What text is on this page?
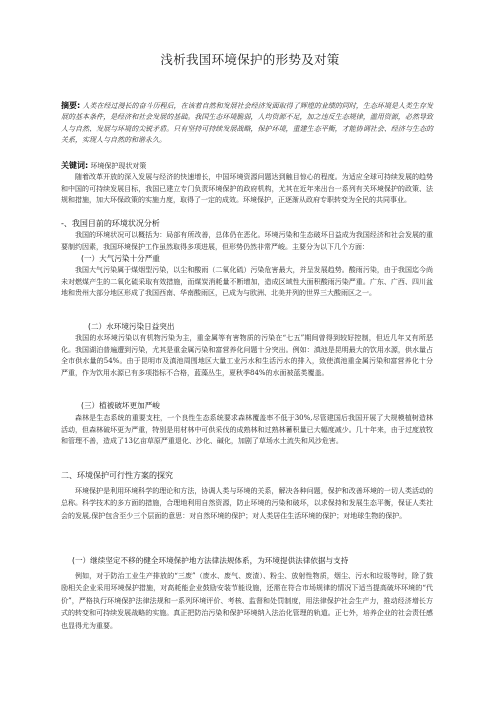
浅析我国环境保护的形势及对策
摘要: 人类在经过漫长的奋斗历程后，在该着自然和发展社会经济发面取得了辉煌的业绩的同时，生态环境是人类生存发展的基本条件，是经济和社会发展的基础。我国生态环境脆弱，人均资源不足，加之违反生态规律，滥用资源，必然导致人与自然、发展与环境的尖锐矛盾。只有坚持可持续发展战略，保护环境，重建生态平衡，才能协调社会、经济与生态的关系，实现人与自然的和谐永久。
关键词: 环境保护现状对策
随着改革开放的深入发展与经济的快速增长，中国环境资源问题达到触目惊心的程度。为适应全球可持续发展的趋势和中国的可持续发展目标，我国已建立专门负责环境保护的政府机构，尤其在近年来出台一系列有关环境保护的政策、法规和措施，加大环保政策的实施力度，取得了一定的成效。环境保护，正逐渐从政府专职转变为全民的共同事业。
-、我国目前的环境状况分析
我国的环境状况可以概括为：局部有所改善，总体仍在恶化。环境污染和生态破坏日益成为我国经济和社会发展的重要制约因素，我国环境保护工作虽然取得多项进展，但形势仍然非常严峻。主要分为以下几个方面：
(一）大气污染十分严重
我国大气污染属于煤烟型污染，以尘和酸雨（二氧化硫）污染危害最大，并呈发展趋势。酸雨污染，由于我国迄今尚未对燃煤产生的二氧化硫采取有效措施，而煤炭消耗量不断增加，造成区域性大面积酸雨污染严重。广东、广西、四川盆地和贵州大部分地区形成了我国西南、华南酸雨区，已成为与欧洲、北美并列的世界三大酸雨区之一。
(二）水环境污染日益突出
我国的水环境污染以有机物污染为主，重金属等有害物质的污染在“七五”期间曾得到较好控制，但近几年又有所恶化。我国湖泊普遍遭到污染，尤其是重金属污染和富营养化问题十分突出。例如：滇池是昆明最大的饮用水源，供水量占全市供水量的54%。由于昆明市及滇池周围地区大量工业污水和生活污水的排入，致使滇池重金属污染和富营养化十分严重，作为饮用水源已有多项指标不合格，蓝藻丛生，夏秋季84%的水面被蓝类覆盖。
(三）植被破坏更加严峻
森林是生态系统的重要支柱，一个良性生态系统要求森林覆盖率不低于30%,尽管建国后我国开展了大规模植树造林活动，但森林破坏更为严重，特别是用材林中可供采伐的成熟林和过熟林蓄积量已大幅度减少。几十年来，由于过度放牧和管理不善，造成了13亿亩草原严重退化、沙化、碱化，加剧了草场水土流失和风沙危害。
二、环境保护可行性方案的探究
环境保护是利用环境科学的理论和方法，协调人类与环境的关系，解决各种问题，保护和改善环境的一切人类活动的总称。科学技术的多方面的措施，合理地利用自然资源，防止环境的污染和破坏，以求保持和发展生态平衡，保证人类社会的发展,保护包含至少三个层面的意思：对自然环境的保护；对人类居住生活环境的保护；对地球生物的保护。
(一）继续坚定不移的健全环境保护地方法律法规体系，为环境提供法律依据与支持
例如，对于防治工业生产排放的“三废”（废水、废气、废渣）、粉尘、放射性物质，烟尘、污水和垃圾等时，除了鼓励相关企业采用环境保护措施，对高耗能企业鼓励安装节能设施，还需在符合市场规律的情况下适当提高破坏环境的“代价”，严格执行环境保护法律法规和一系列环境评价、考核、监督和处罚制度，用法律保护社会生产力，推动经济增长方式的转变和可持续发展战略的实施。真正把防治污染和保护环境纳入法治化管理的轨道。正七外，培养企业的社会责任感也显得尤为重要。
